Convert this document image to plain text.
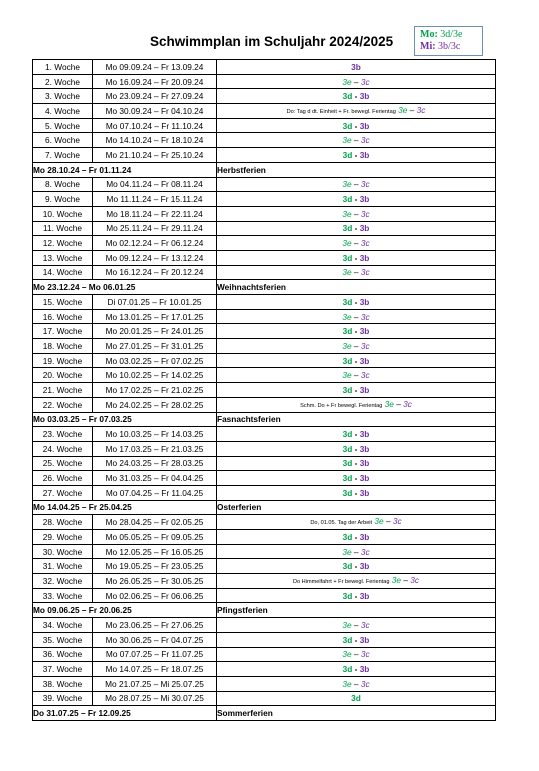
Schwimmplan im Schuljahr 2024/2025	Mo: 3d/3e
Mi: 3b/3c
1. Woche	Mo 09.09.24 – Fr 13.09.24	3b
2. Woche	Mo 16.09.24 – Fr 20.09.24	3e – 3c
3. Woche	Mo 23.09.24 – Fr 27.09.24	3d - 3b
4. Woche	Mo 30.09.24 – Fr 04.10.24	Do: Tag d dt. Einheit + Fr. bewegl. Ferientag 3e – 3c
5. Woche	Mo 07.10.24 – Fr 11.10.24	3d - 3b
6. Woche	Mo 14.10.24 – Fr 18.10.24	3e – 3c
7. Woche	Mo 21.10.24 – Fr 25.10.24	3d - 3b
Mo 28.10.24 – Fr 01.11.24		Herbstferien
8. Woche	Mo 04.11.24 – Fr 08.11.24	3e – 3c
9. Woche	Mo 11.11.24 – Fr 15.11.24	3d - 3b
10. Woche	Mo 18.11.24 – Fr 22.11.24	3e – 3c
11. Woche	Mo 25.11.24 – Fr 29.11.24	3d - 3b
12. Woche	Mo 02.12.24 – Fr 06.12.24	3e – 3c
13. Woche	Mo 09.12.24 – Fr 13.12.24	3d - 3b
14. Woche	Mo 16.12.24 – Fr 20.12.24	3e – 3c
Mo 23.12.24 – Mo 06.01.25		Weihnachtsferien
15. Woche	Di 07.01.25 – Fr 10.01.25	3d - 3b
16. Woche	Mo 13.01.25 – Fr 17.01.25	3e – 3c
17. Woche	Mo 20.01.25 – Fr 24.01.25	3d - 3b
18. Woche	Mo 27.01.25 – Fr 31.01.25	3e – 3c
19. Woche	Mo 03.02.25 – Fr 07.02.25	3d - 3b
20. Woche	Mo 10.02.25 – Fr 14.02.25	3e – 3c
21. Woche	Mo 17.02.25 – Fr 21.02.25	3d - 3b
22. Woche	Mo 24.02.25 – Fr 28.02.25	Schm. Do + Fr bewegl. Ferientag 3e – 3c
Mo 03.03.25 – Fr 07.03.25		Fasnachtsferien
23. Woche	Mo 10.03.25 – Fr 14.03.25	3d - 3b
24. Woche	Mo 17.03.25 – Fr 21.03.25	3d - 3b
25. Woche	Mo 24.03.25 – Fr 28.03.25	3d - 3b
26. Woche	Mo 31.03.25 – Fr 04.04.25	3d - 3b
27. Woche	Mo 07.04.25 – Fr 11.04.25	3d - 3b
Mo 14.04.25 – Fr 25.04.25		Osterferien
28. Woche	Mo 28.04.25 – Fr 02.05.25	Do, 01.05. Tag der Arbeit 3e – 3c
29. Woche	Mo 05.05.25 – Fr 09.05.25	3d - 3b
30. Woche	Mo 12.05.25 – Fr 16.05.25	3e – 3c
31. Woche	Mo 19.05.25 – Fr 23.05.25	3d - 3b
32. Woche	Mo 26.05.25 – Fr 30.05.25	Do Himmelfahrt + Fr bewegl. Ferientag 3e – 3c
33. Woche	Mo 02.06.25 – Fr 06.06.25	3d - 3b
Mo 09.06.25 – Fr 20.06.25		Pfingstferien
34. Woche	Mo 23.06.25 – Fr 27.06.25	3e – 3c
35. Woche	Mo 30.06.25 – Fr 04.07.25	3d - 3b
36. Woche	Mo 07.07.25 – Fr 11.07.25	3e – 3c
37. Woche	Mo 14.07.25 – Fr 18.07.25	3d - 3b
38. Woche	Mo 21.07.25 – Mi 25.07.25	3e – 3c
39. Woche	Mo 28.07.25 – Mi 30.07.25	3d
Do 31.07.25 – Fr 12.09.25		Sommerferien
